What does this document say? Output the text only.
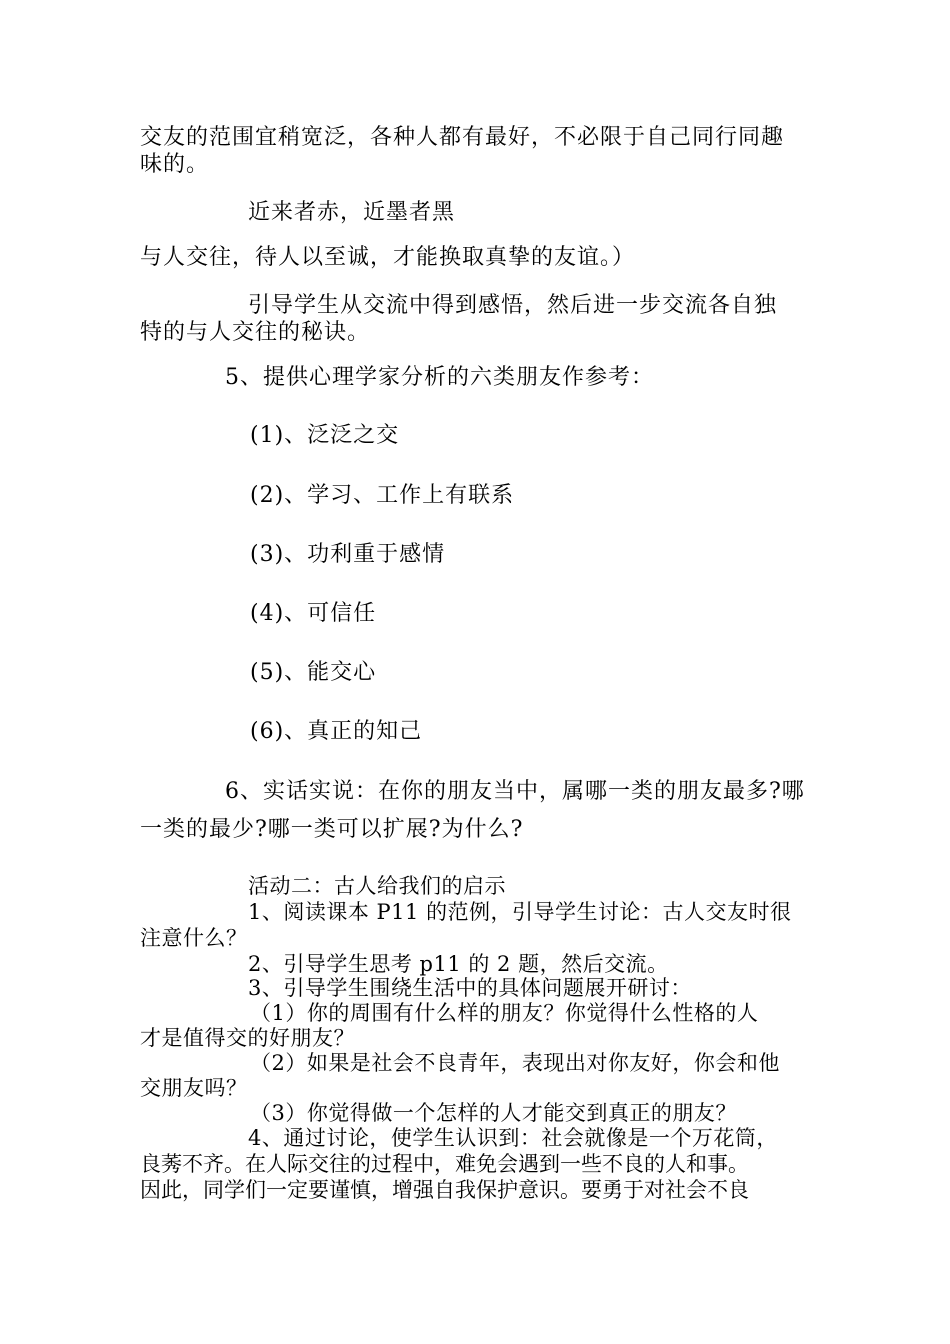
交友的范围宜稍宽泛，各种人都有最好，不必限于自己同行同趣
味的。
近来者赤，近墨者黑
与人交往，待人以至诚，才能换取真挚的友谊。）
引导学生从交流中得到感悟，然后进一步交流各自独
特的与人交往的秘诀。
5、提供心理学家分析的六类朋友作参考：
(1)、泛泛之交
(2)、学习、工作上有联系
(3)、功利重于感情
(4)、可信任
(5)、能交心
(6)、真正的知己
6、实话实说：在你的朋友当中，属哪一类的朋友最多?哪
一类的最少?哪一类可以扩展?为什么?
活动二：古人给我们的启示
1、阅读课本 P11 的范例，引导学生讨论：古人交友时很
注意什么？
2、引导学生思考 p11 的 2 题，然后交流。
3、引导学生围绕生活中的具体问题展开研讨：
（1）你的周围有什么样的朋友？你觉得什么性格的人
才是值得交的好朋友？
（2）如果是社会不良青年，表现出对你友好，你会和他
交朋友吗？
（3）你觉得做一个怎样的人才能交到真正的朋友？
4、通过讨论，使学生认识到：社会就像是一个万花筒，
良莠不齐。在人际交往的过程中，难免会遇到一些不良的人和事。
因此，同学们一定要谨慎，增强自我保护意识。要勇于对社会不良
